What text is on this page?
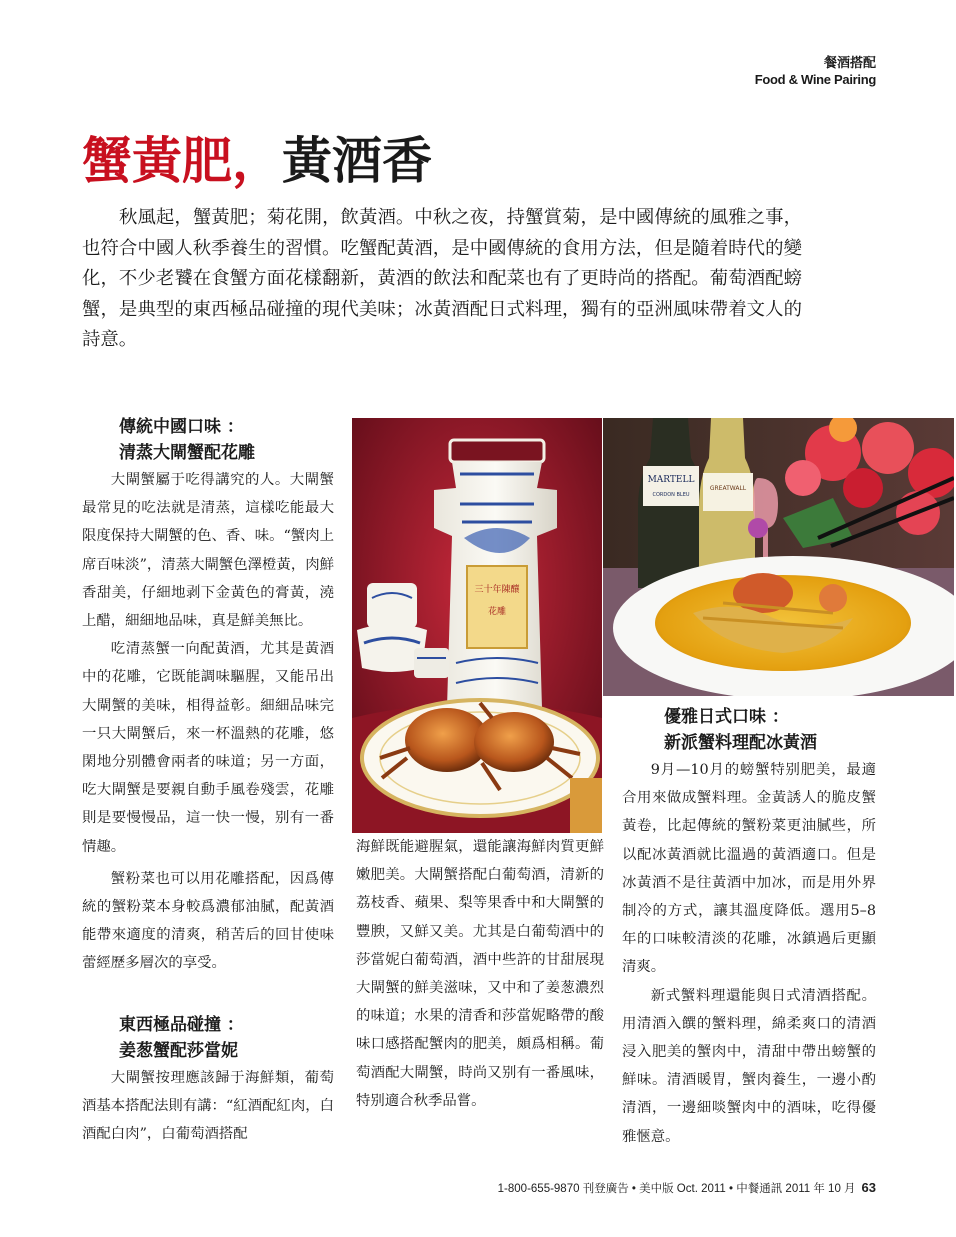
餐酒搭配
Food & Wine Pairing
蟹黃肥，黃酒香
秋風起，蟹黃肥；菊花開，飲黃酒。中秋之夜，持蟹賞菊，是中國傳統的風雅之事，也符合中國人秋季養生的習慣。吃蟹配黃酒，是中國傳統的食用方法，但是隨着時代的變化，不少老饕在食蟹方面花樣翻新，黃酒的飲法和配菜也有了更時尚的搭配。葡萄酒配螃蟹，是典型的東西極品碰撞的現代美味；冰黃酒配日式料理，獨有的亞洲風味帶着文人的詩意。
傳統中國口味 ：
清蒸大閘蟹配花雕

大閘蟹屬于吃得講究的人。大閘蟹最常見的吃法就是清蒸，這樣吃能最大限度保持大閘蟹的色、香、味。“蟹肉上席百味淡”，清蒸大閘蟹色澤橙黃，肉鮮香甜美，仔細地剥下金黃色的膏黃，澆上醋，細細地品味，真是鮮美無比。

吃清蒸蟹一向配黃酒，尤其是黃酒中的花雕，它既能調味驅腥，又能吊出大閘蟹的美味，相得益彰。細細品味完一只大閘蟹后，來一杯溫熱的花雕，悠閑地分别體會兩者的味道；另一方面，吃大閘蟹是要親自動手風卷殘雲，花雕則是要慢慢品，這一快一慢，别有一番情趣。

蟹粉菜也可以用花雕搭配，因爲傳統的蟹粉菜本身較爲濃郁油膩，配黃酒能帶來適度的清爽，稍苦后的回甘使味蕾經歷多層次的享受。

東西極品碰撞 ：
姜葱蟹配莎當妮

大閘蟹按理應該歸于海鮮類，葡萄酒基本搭配法則有講：“紅酒配紅肉，白酒配白肉”，白葡萄酒搭配

三十年陳釀
花雕
MARTELL
CORDON BLEU
GREATWALL
海鮮既能避腥氣，還能讓海鮮肉質更鮮嫩肥美。大閘蟹搭配白葡萄酒，清新的荔枝香、蘋果、梨等果香中和大閘蟹的豐腴，又鮮又美。尤其是白葡萄酒中的莎當妮白葡萄酒，酒中些許的甘甜展現大閘蟹的鮮美滋味，又中和了姜葱濃烈的味道；水果的清香和莎當妮略帶的酸味口感搭配蟹肉的肥美，頗爲相稱。葡萄酒配大閘蟹，時尚又别有一番風味，特别適合秋季品嘗。
優雅日式口味 ：
新派蟹料理配冰黃酒

9月—10月的螃蟹特别肥美，最適合用來做成蟹料理。金黃誘人的脆皮蟹黃卷，比起傳統的蟹粉菜更油膩些，所以配冰黃酒就比溫過的黃酒適口。但是冰黃酒不是往黃酒中加冰，而是用外界制冷的方式，讓其溫度降低。選用5–8年的口味較清淡的花雕，冰鎮過后更顯清爽。

新式蟹料理還能與日式清酒搭配。用清酒入饌的蟹料理，綿柔爽口的清酒浸入肥美的蟹肉中，清甜中帶出螃蟹的鮮味。清酒暖胃，蟹肉養生，一邊小酌清酒，一邊細啖蟹肉中的酒味，吃得優雅愜意。

1-800-655-9870 刊登廣告 • 美中版 Oct. 2011 • 中餐通訊 2011 年 10 月 63
